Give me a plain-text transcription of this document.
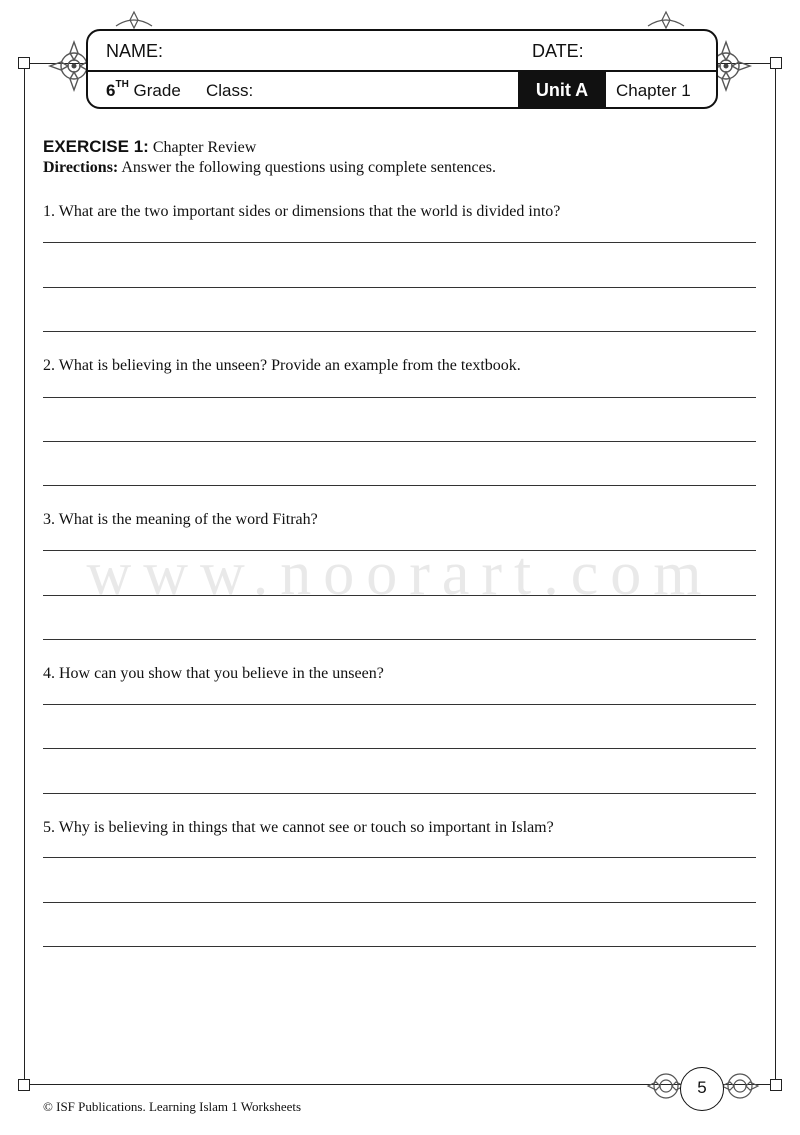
NAME:	DATE:
6TH Grade Class:	Unit A	Chapter 1
EXERCISE 1: Chapter Review
Directions: Answer the following questions using complete sentences.
www.noorart.com
1. What are the two important sides or dimensions that the world is divided into?
2. What is believing in the unseen? Provide an example from the textbook.
3. What is the meaning of the word Fitrah?
4. How can you show that you believe in the unseen?
5. Why is believing in things that we cannot see or touch so important in Islam?
5
© ISF Publications. Learning Islam 1 Worksheets
